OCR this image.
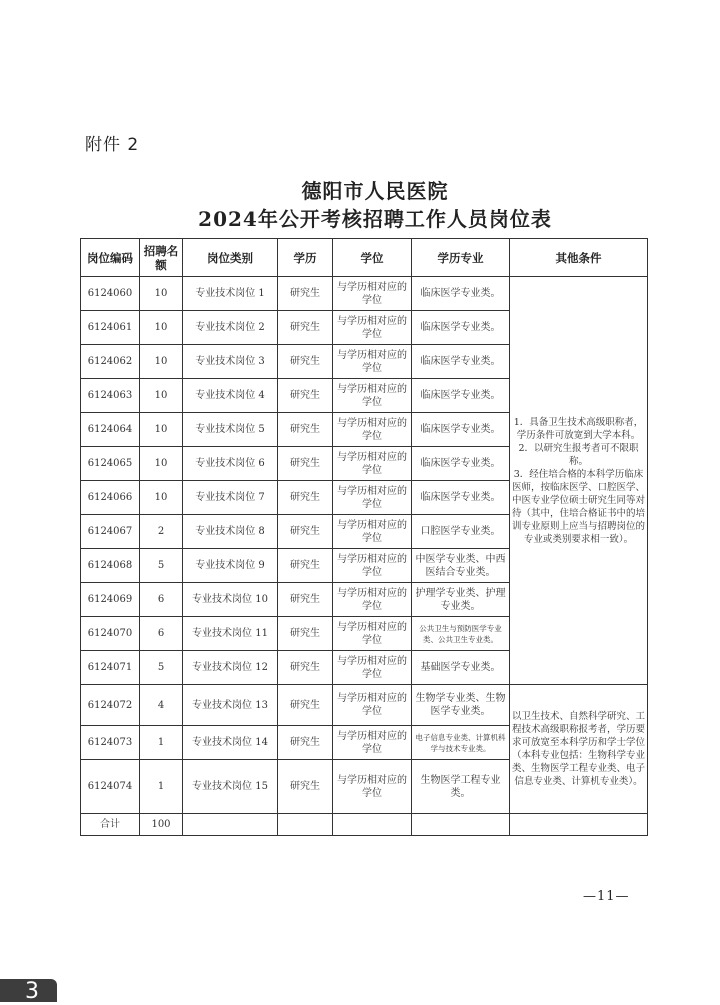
附件 2
德阳市人民医院
2024年公开考核招聘工作人员岗位表
岗位编码	招聘名额	岗位类别	学历	学位	学历专业	其他条件
6124060	10	专业技术岗位 1	研究生	与学历相对应的学位	临床医学专业类。	1．具备卫生技术高级职称者，学历条件可放宽到大学本科。
2．以研究生报考者可不限职称。
3．经住培合格的本科学历临床医师，按临床医学、口腔医学、中医专业学位硕士研究生同等对待（其中，住培合格证书中的培训专业原则上应当与招聘岗位的专业或类别要求相一致）。
6124061	10	专业技术岗位 2	研究生	与学历相对应的学位	临床医学专业类。	
6124062	10	专业技术岗位 3	研究生	与学历相对应的学位	临床医学专业类。	
6124063	10	专业技术岗位 4	研究生	与学历相对应的学位	临床医学专业类。	
6124064	10	专业技术岗位 5	研究生	与学历相对应的学位	临床医学专业类。	
6124065	10	专业技术岗位 6	研究生	与学历相对应的学位	临床医学专业类。	
6124066	10	专业技术岗位 7	研究生	与学历相对应的学位	临床医学专业类。	
6124067	2	专业技术岗位 8	研究生	与学历相对应的学位	口腔医学专业类。	
6124068	5	专业技术岗位 9	研究生	与学历相对应的学位	中医学专业类、中西医结合专业类。	
6124069	6	专业技术岗位 10	研究生	与学历相对应的学位	护理学专业类、护理专业类。	
6124070	6	专业技术岗位 11	研究生	与学历相对应的学位	公共卫生与预防医学专业类、公共卫生专业类。	
6124071	5	专业技术岗位 12	研究生	与学历相对应的学位	基础医学专业类。	
6124072	4	专业技术岗位 13	研究生	与学历相对应的学位	生物学专业类、生物医学专业类。	以卫生技术、自然科学研究、工程技术高级职称报考者，学历要求可放宽至本科学历和学士学位（本科专业包括：生物科学专业类、生物医学工程专业类、电子信息专业类、计算机专业类）。
6124073	1	专业技术岗位 14	研究生	与学历相对应的学位	电子信息专业类、计算机科学与技术专业类。	
6124074	1	专业技术岗位 15	研究生	与学历相对应的学位	生物医学工程专业类。	
合计	100					
—11—
3
